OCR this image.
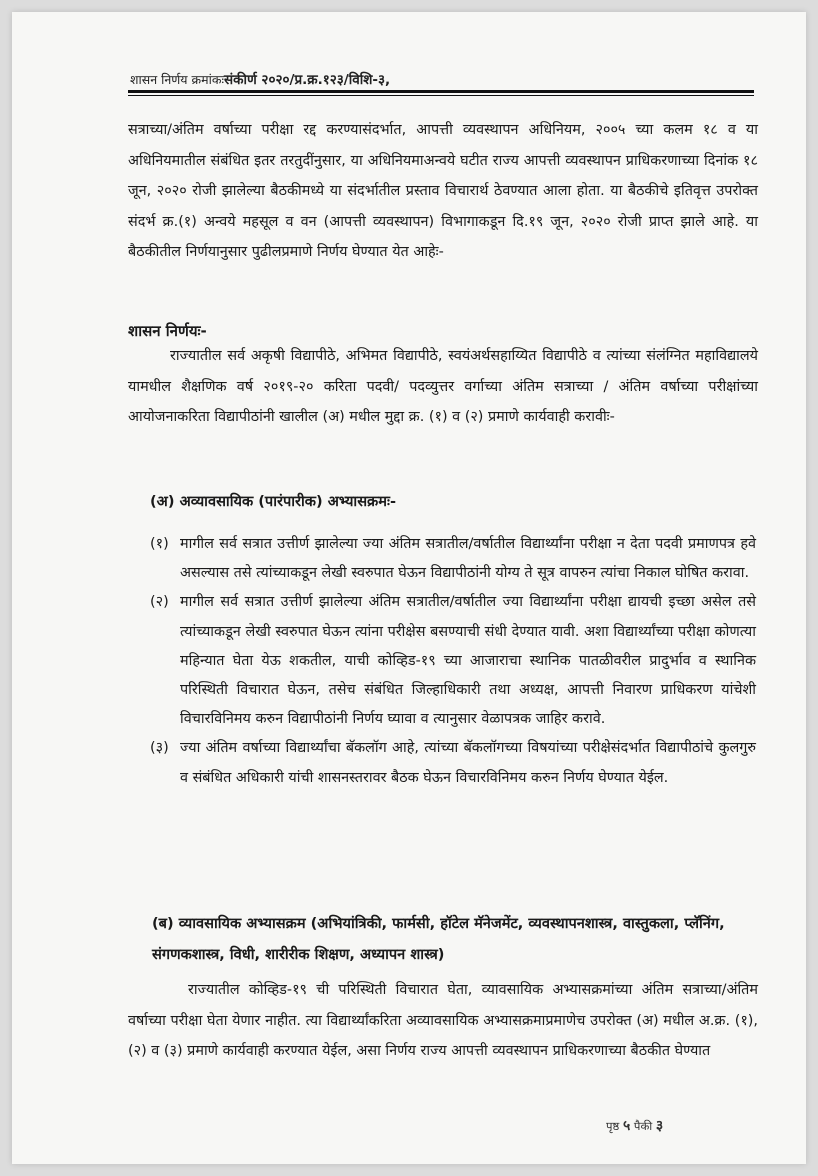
शासन निर्णय क्रमांकःसंकीर्ण २०२०/प्र.क्र.१२३/विशि-३,
सत्राच्या/अंतिम वर्षाच्या परीक्षा रद्द करण्यासंदर्भात, आपत्ती व्यवस्थापन अधिनियम, २००५ च्या कलम १८ व या अधिनियमातील संबंधित इतर तरतुदींनुसार, या अधिनियमाअन्वये घटीत राज्य आपत्ती व्यवस्थापन प्राधिकरणाच्या दिनांक १८ जून, २०२० रोजी झालेल्या बैठकीमध्ये या संदर्भातील प्रस्ताव विचारार्थ ठेवण्यात आला होता. या बैठकीचे इतिवृत्त उपरोक्त संदर्भ क्र.(१) अन्वये महसूल व वन (आपत्ती व्यवस्थापन) विभागाकडून दि.१९ जून, २०२० रोजी प्राप्त झाले आहे. या बैठकीतील निर्णयानुसार पुढीलप्रमाणे निर्णय घेण्यात येत आहेः-
शासन निर्णयः-
राज्यातील सर्व अकृषी विद्यापीठे, अभिमत विद्यापीठे, स्वयंअर्थसहाय्यित विद्यापीठे व त्यांच्या संलंग्नित महाविद्यालये यामधील शैक्षणिक वर्ष २०१९-२० करिता पदवी/ पदव्युत्तर वर्गाच्या अंतिम सत्राच्या / अंतिम वर्षाच्या परीक्षांच्या आयोजनाकरिता विद्यापीठांनी खालील (अ) मधील मुद्दा क्र. (१) व (२) प्रमाणे कार्यवाही करावीः-
(अ) अव्यावसायिक (पारंपारीक) अभ्यासक्रमः-
(१) मागील सर्व सत्रात उत्तीर्ण झालेल्या ज्या अंतिम सत्रातील/वर्षातील विद्यार्थ्यांना परीक्षा न देता पदवी प्रमाणपत्र हवे असल्यास तसे त्यांच्याकडून लेखी स्वरुपात घेऊन विद्यापीठांनी योग्य ते सूत्र वापरुन त्यांचा निकाल घोषित करावा.
(२) मागील सर्व सत्रात उत्तीर्ण झालेल्या अंतिम सत्रातील/वर्षातील ज्या विद्यार्थ्यांना परीक्षा द्यायची इच्छा असेल तसे त्यांच्याकडून लेखी स्वरुपात घेऊन त्यांना परीक्षेस बसण्याची संधी देण्यात यावी. अशा विद्यार्थ्यांच्या परीक्षा कोणत्या महिन्यात घेता येऊ शकतील, याची कोव्हिड-१९ च्या आजाराचा स्थानिक पातळीवरील प्रादुर्भाव व स्थानिक परिस्थिती विचारात घेऊन, तसेच संबंधित जिल्हाधिकारी तथा अध्यक्ष, आपत्ती निवारण प्राधिकरण यांचेशी विचारविनिमय करुन विद्यापीठांनी निर्णय घ्यावा व त्यानुसार वेळापत्रक जाहिर करावे.
(३) ज्या अंतिम वर्षाच्या विद्यार्थ्यांचा बॅकलॉग आहे, त्यांच्या बॅकलॉगच्या विषयांच्या परीक्षेसंदर्भात विद्यापीठांचे कुलगुरु व संबंधित अधिकारी यांची शासनस्तरावर बैठक घेऊन विचारविनिमय करुन निर्णय घेण्यात येईल.
(ब) व्यावसायिक अभ्यासक्रम (अभियांत्रिकी, फार्मसी, हॉटेल मॅनेजमेंट, व्यवस्थापनशास्त्र, वास्तुकला, प्लॅनिंग, संगणकशास्त्र, विधी, शारीरीक शिक्षण, अध्यापन शास्त्र)
राज्यातील कोव्हिड-१९ ची परिस्थिती विचारात घेता, व्यावसायिक अभ्यासक्रमांच्या अंतिम सत्राच्या/अंतिम वर्षाच्या परीक्षा घेता येणार नाहीत. त्या विद्यार्थ्यांकरिता अव्यावसायिक अभ्यासक्रमाप्रमाणेच उपरोक्त (अ) मधील अ.क्र. (१), (२) व (३) प्रमाणे कार्यवाही करण्यात येईल, असा निर्णय राज्य आपत्ती व्यवस्थापन प्राधिकरणाच्या बैठकीत घेण्यात
पृष्ठ ५ पैकी ३
